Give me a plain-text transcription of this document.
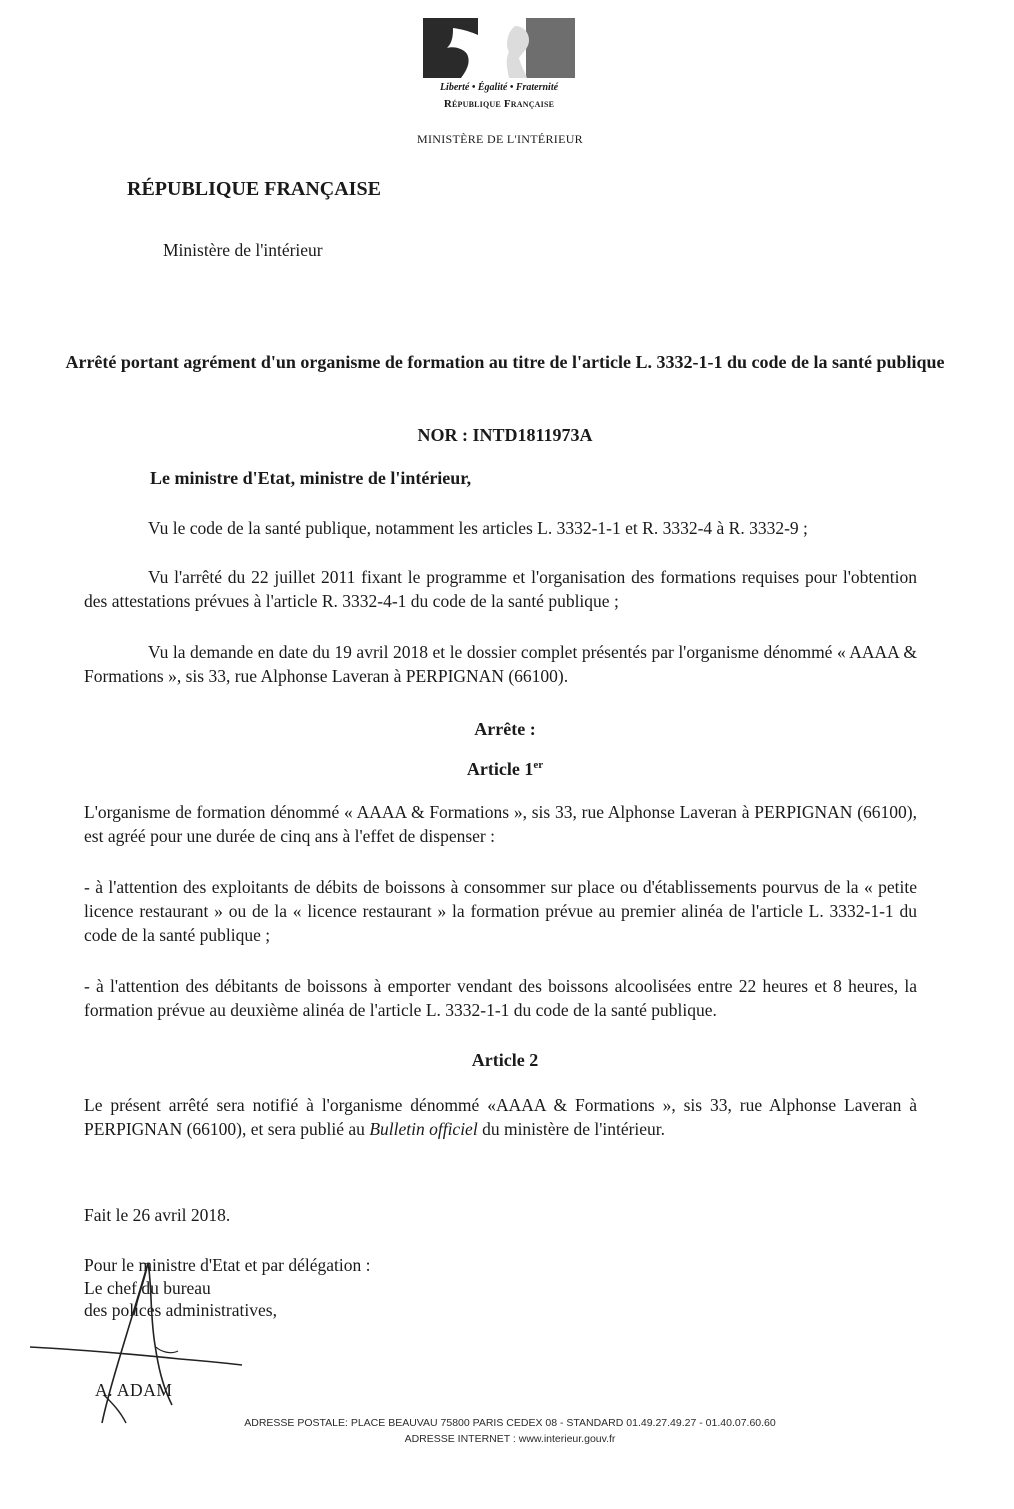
Liberté • Égalité • Fraternité
République Française
MINISTÈRE DE L'INTÉRIEUR
RÉPUBLIQUE FRANÇAISE
Ministère de l'intérieur
Arrêté portant agrément d'un organisme de formation au titre de l'article L. 3332-1-1 du code de la santé publique
NOR : INTD1811973A
Le ministre d'Etat, ministre de l'intérieur,
Vu le code de la santé publique, notamment les articles L. 3332-1-1 et R. 3332-4 à R. 3332-9 ;
Vu l'arrêté du 22 juillet 2011 fixant le programme et l'organisation des formations requises pour l'obtention des attestations prévues à l'article R. 3332-4-1 du code de la santé publique ;
Vu la demande en date du 19 avril 2018 et le dossier complet présentés par l'organisme dénommé « AAAA & Formations », sis 33, rue Alphonse Laveran à PERPIGNAN (66100).
Arrête :
Article 1er
L'organisme de formation dénommé « AAAA & Formations », sis 33, rue Alphonse Laveran à PERPIGNAN (66100), est agréé pour une durée de cinq ans à l'effet de dispenser :
- à l'attention des exploitants de débits de boissons à consommer sur place ou d'établissements pourvus de la « petite licence restaurant » ou de la « licence restaurant » la formation prévue au premier alinéa de l'article L. 3332-1-1 du code de la santé publique ;
- à l'attention des débitants de boissons à emporter vendant des boissons alcoolisées entre 22 heures et 8 heures, la formation prévue au deuxième alinéa de l'article L. 3332-1-1 du code de la santé publique.
Article 2
Le présent arrêté sera notifié à l'organisme dénommé «AAAA & Formations », sis 33, rue Alphonse Laveran à PERPIGNAN (66100), et sera publié au Bulletin officiel du ministère de l'intérieur.
Fait le 26 avril 2018.
Pour le ministre d'Etat et par délégation :
Le chef du bureau
des polices administratives,
A. ADAM
ADRESSE POSTALE: PLACE BEAUVAU 75800 PARIS CEDEX 08 - STANDARD 01.49.27.49.27 - 01.40.07.60.60
ADRESSE INTERNET : www.interieur.gouv.fr
